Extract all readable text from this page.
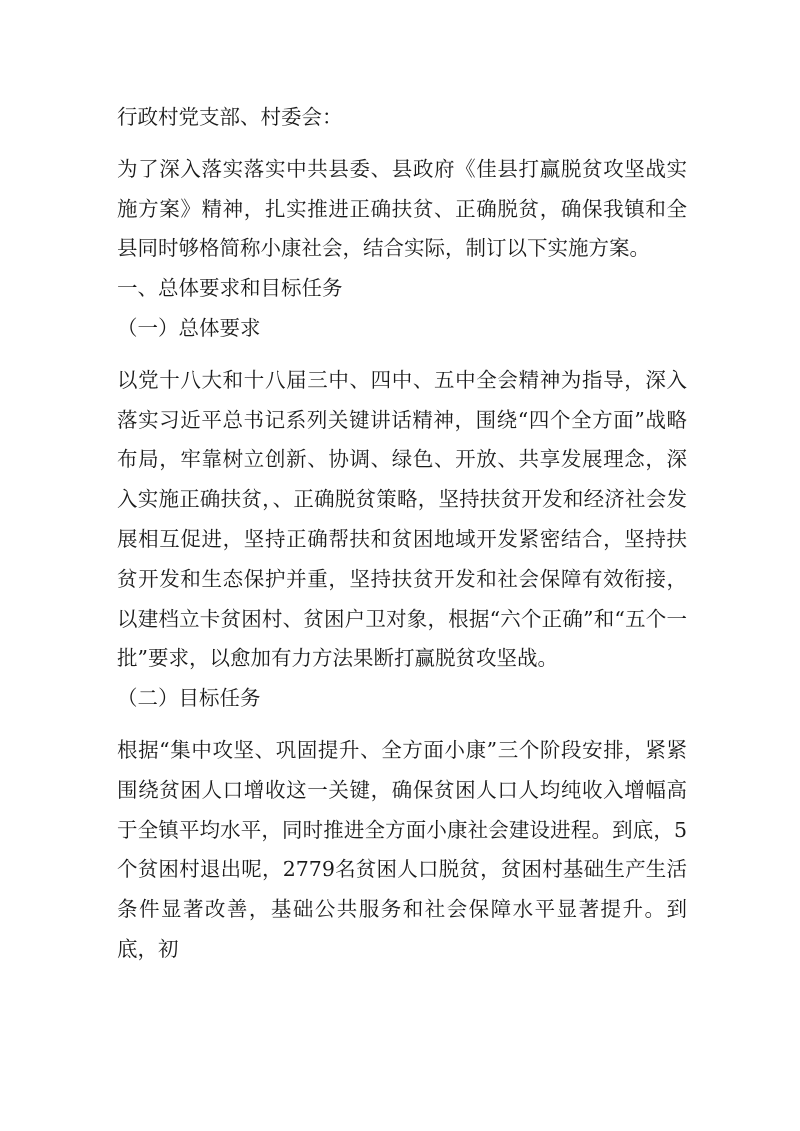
行政村党支部、村委会：

为了深入落实落实中共县委、县政府《佳县打赢脱贫攻坚战实施方案》精神，扎实推进正确扶贫、正确脱贫，确保我镇和全县同时够格简称小康社会，结合实际，制订以下实施方案。

一、总体要求和目标任务

（一）总体要求

以党十八大和十八届三中、四中、五中全会精神为指导，深入落实习近平总书记系列关键讲话精神，围绕“四个全方面”战略布局，牢靠树立创新、协调、绿色、开放、共享发展理念，深入实施正确扶贫，、正确脱贫策略，坚持扶贫开发和经济社会发展相互促进，坚持正确帮扶和贫困地域开发紧密结合，坚持扶贫开发和生态保护并重，坚持扶贫开发和社会保障有效衔接，以建档立卡贫困村、贫困户卫对象，根据“六个正确”和“五个一批”要求，以愈加有力方法果断打赢脱贫攻坚战。

（二）目标任务

根据“集中攻坚、巩固提升、全方面小康”三个阶段安排，紧紧围绕贫困人口增收这一关键，确保贫困人口人均纯收入增幅高于全镇平均水平，同时推进全方面小康社会建设进程。到底，5个贫困村退出呢，2779名贫困人口脱贫，贫困村基础生产生活条件显著改善，基础公共服务和社会保障水平显著提升。到底，初
